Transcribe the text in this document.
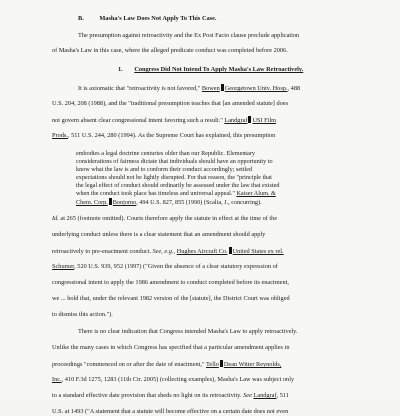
B. Masha's Law Does Not Apply To This Case.
The presumption against retroactivity and the Ex Post Facto clause preclude application
of Masha's Law in this case, where the alleged predicate conduct was completed before 2006.
1. Congress Did Not Intend To Apply Masha's Law Retroactively.
It is axiomatic that "retroactivity is not favored," Bowen Georgetown Univ. Hosp., 488
U.S. 204, 208 (1988), and the "traditional presumption teaches that [an amended statute] does
not govern absent clear congressional intent favoring such a result." Landgraf USI Film
Prods., 511 U.S. 244, 280 (1994). As the Supreme Court has explained, this presumption
embodies a legal doctrine centuries older than our Republic. Elementary
considerations of fairness dictate that individuals should have an opportunity to
know what the law is and to conform their conduct accordingly; settled
expectations should not be lightly disrupted. For that reason, the "principle that
the legal effect of conduct should ordinarily be assessed under the law that existed
when the conduct took place has timeless and universal appeal." Kaiser Alum. &
Chem. Corp. Bonjorno, 494 U.S. 827, 855 (1990) (Scalia, J., concurring).
Id. at 265 (footnote omitted). Courts therefore apply the statute in effect at the time of the
underlying conduct unless there is a clear statement that an amendment should apply
retroactively to pre-enactment conduct. See, e.g., Hughes Aircraft Co. United States ex rel.
Schumer, 520 U.S. 939, 952 (1997) ("Given the absence of a clear statutory expression of
congressional intent to apply the 1986 amendment to conduct completed before its enactment,
we ... hold that, under the relevant 1982 version of the [statute], the District Court was obliged
to dismiss this action.").
There is no clear indication that Congress intended Masha's Law to apply retroactively.
Unlike the many cases in which Congress has specified that a particular amendment applies in
proceedings "commenced on or after the date of enactment," Tello Dean Witter Reynolds,
Inc., 410 F.3d 1275, 1283 (11th Cir. 2005) (collecting examples), Masha's Law was subject only
to a standard effective date provision that sheds no light on its retroactivity. See Landgraf, 511
U.S. at 1493 ("A statement that a statute will become effective on a certain date does not even
